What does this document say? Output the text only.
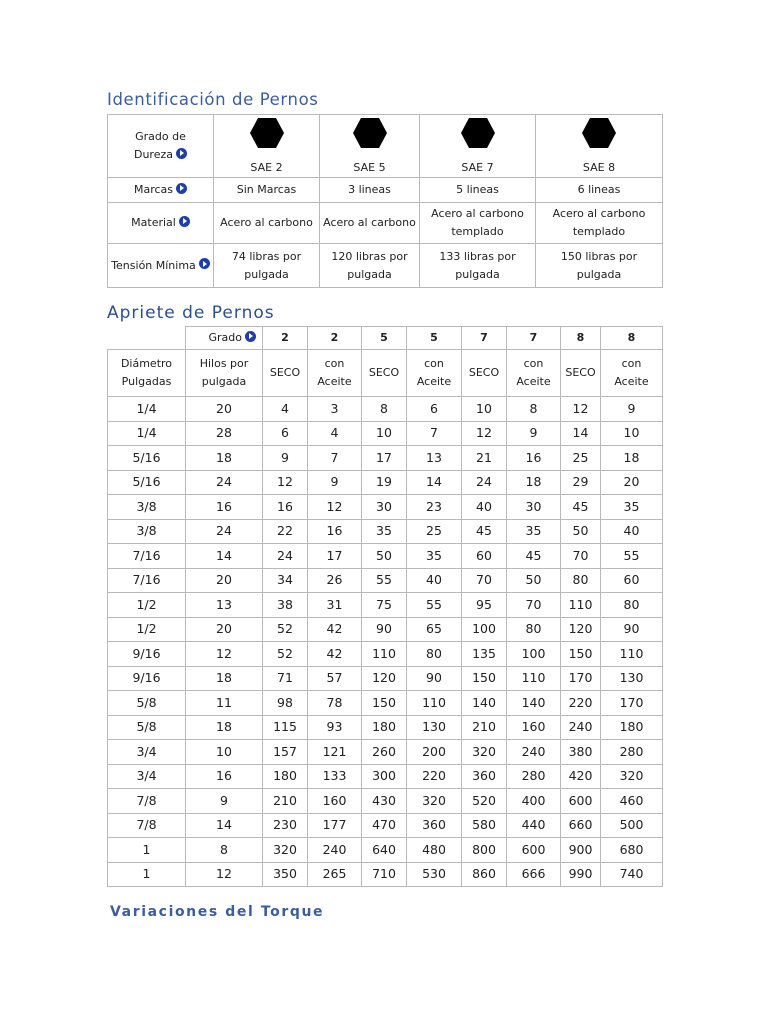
Identificación de Pernos
Grado de
Dureza	SAE 2	SAE 5	SAE 7	SAE 8

Marcas	Sin Marcas	3 lineas	5 lineas	6 lineas
Material	Acero al carbono	Acero al carbono	Acero al carbono templado	Acero al carbono templado
Tensión Mínima	74 libras por pulgada	120 libras por pulgada	133 libras por pulgada	150 libras por pulgada
Apriete de Pernos
	Grado	2	2	5	5	7	7	8	8
Diámetro Pulgadas	Hilos por pulgada	SECO	con Aceite	SECO	con Aceite	SECO	con Aceite	SECO	con Aceite
1/4	20	4	3	8	6	10	8	12	9
1/4	28	6	4	10	7	12	9	14	10
5/16	18	9	7	17	13	21	16	25	18
5/16	24	12	9	19	14	24	18	29	20
3/8	16	16	12	30	23	40	30	45	35
3/8	24	22	16	35	25	45	35	50	40
7/16	14	24	17	50	35	60	45	70	55
7/16	20	34	26	55	40	70	50	80	60
1/2	13	38	31	75	55	95	70	110	80
1/2	20	52	42	90	65	100	80	120	90
9/16	12	52	42	110	80	135	100	150	110
9/16	18	71	57	120	90	150	110	170	130
5/8	11	98	78	150	110	140	140	220	170
5/8	18	115	93	180	130	210	160	240	180
3/4	10	157	121	260	200	320	240	380	280
3/4	16	180	133	300	220	360	280	420	320
7/8	9	210	160	430	320	520	400	600	460
7/8	14	230	177	470	360	580	440	660	500
1	8	320	240	640	480	800	600	900	680
1	12	350	265	710	530	860	666	990	740
Variaciones del Torque
